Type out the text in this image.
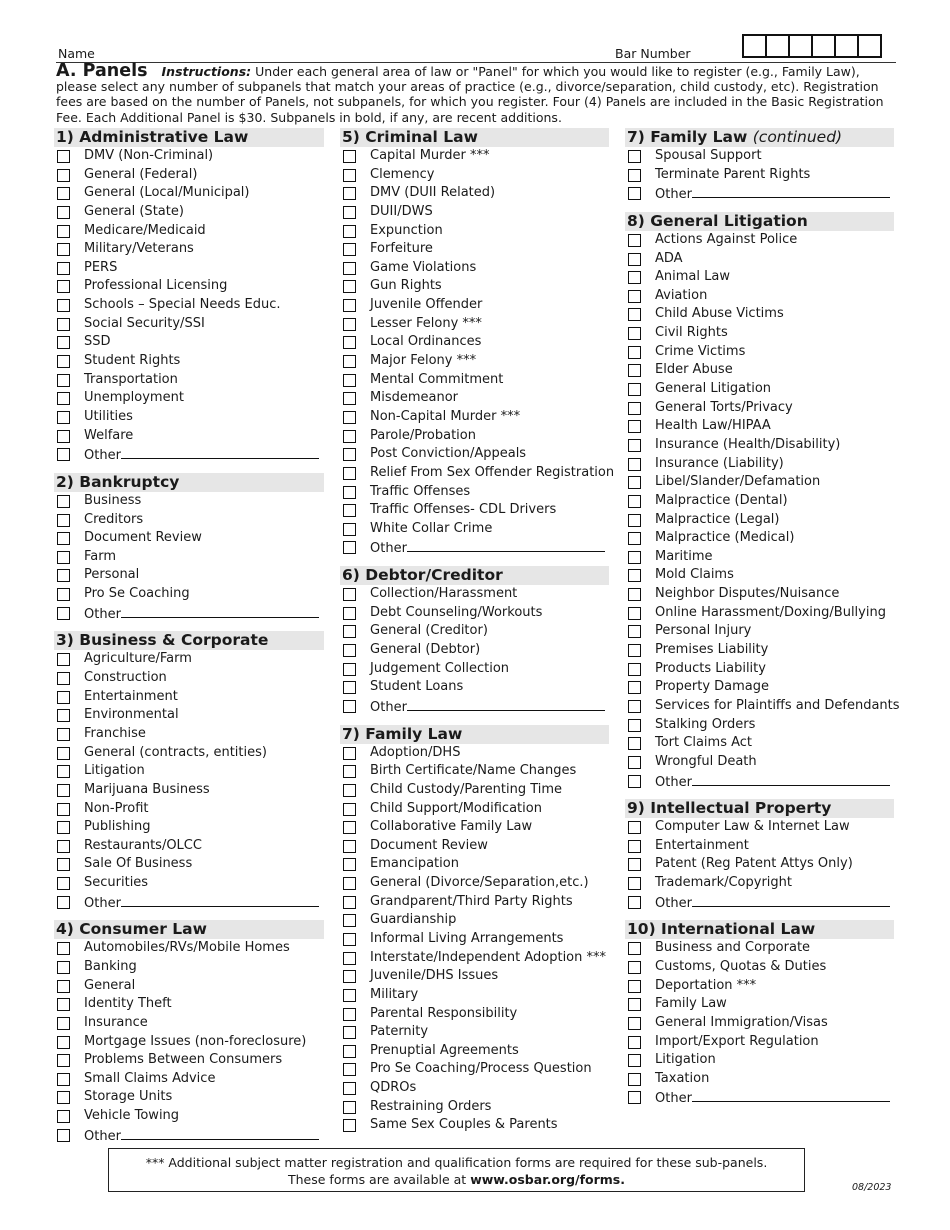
Name	Bar Number
A. Panels Instructions: Under each general area of law or "Panel" for which you would like to register (e.g., Family Law), please select any number of subpanels that match your areas of practice (e.g., divorce/separation, child custody, etc). Registration fees are based on the number of Panels, not subpanels, for which you register. Four (4) Panels are included in the Basic Registration Fee. Each Additional Panel is $30. Subpanels in bold, if any, are recent additions.
1) Administrative Law
DMV (Non-Criminal)
General (Federal)
General (Local/Municipal)
General (State)
Medicare/Medicaid
Military/Veterans
PERS
Professional Licensing
Schools – Special Needs Educ.
Social Security/SSI
SSD
Student Rights
Transportation
Unemployment
Utilities
Welfare
Other
2) Bankruptcy
Business
Creditors
Document Review
Farm
Personal
Pro Se Coaching
Other
3) Business & Corporate
Agriculture/Farm
Construction
Entertainment
Environmental
Franchise
General (contracts, entities)
Litigation
Marijuana Business
Non-Profit
Publishing
Restaurants/OLCC
Sale Of Business
Securities
Other
4) Consumer Law
Automobiles/RVs/Mobile Homes
Banking
General
Identity Theft
Insurance
Mortgage Issues (non-foreclosure)
Problems Between Consumers
Small Claims Advice
Storage Units
Vehicle Towing
Other
5) Criminal Law
Capital Murder ***
Clemency
DMV (DUII Related)
DUII/DWS
Expunction
Forfeiture
Game Violations
Gun Rights
Juvenile Offender
Lesser Felony ***
Local Ordinances
Major Felony ***
Mental Commitment
Misdemeanor
Non-Capital Murder ***
Parole/Probation
Post Conviction/Appeals
Relief From Sex Offender Registration
Traffic Offenses
Traffic Offenses- CDL Drivers
White Collar Crime
Other
6) Debtor/Creditor
Collection/Harassment
Debt Counseling/Workouts
General (Creditor)
General (Debtor)
Judgement Collection
Student Loans
Other
7) Family Law
Adoption/DHS
Birth Certificate/Name Changes
Child Custody/Parenting Time
Child Support/Modification
Collaborative Family Law
Document Review
Emancipation
General (Divorce/Separation,etc.)
Grandparent/Third Party Rights
Guardianship
Informal Living Arrangements
Interstate/Independent Adoption ***
Juvenile/DHS Issues
Military
Parental Responsibility
Paternity
Prenuptial Agreements
Pro Se Coaching/Process Question
QDROs
Restraining Orders
Same Sex Couples & Parents
7) Family Law (continued)
Spousal Support
Terminate Parent Rights
Other
8) General Litigation
Actions Against Police
ADA
Animal Law
Aviation
Child Abuse Victims
Civil Rights
Crime Victims
Elder Abuse
General Litigation
General Torts/Privacy
Health Law/HIPAA
Insurance (Health/Disability)
Insurance (Liability)
Libel/Slander/Defamation
Malpractice (Dental)
Malpractice (Legal)
Malpractice (Medical)
Maritime
Mold Claims
Neighbor Disputes/Nuisance
Online Harassment/Doxing/Bullying
Personal Injury
Premises Liability
Products Liability
Property Damage
Services for Plaintiffs and Defendants
Stalking Orders
Tort Claims Act
Wrongful Death
Other
9) Intellectual Property
Computer Law & Internet Law
Entertainment
Patent (Reg Patent Attys Only)
Trademark/Copyright
Other
10) International Law
Business and Corporate
Customs, Quotas & Duties
Deportation ***
Family Law
General Immigration/Visas
Import/Export Regulation
Litigation
Taxation
Other
*** Additional subject matter registration and qualification forms are required for these sub-panels.
These forms are available at www.osbar.org/forms.
08/2023
